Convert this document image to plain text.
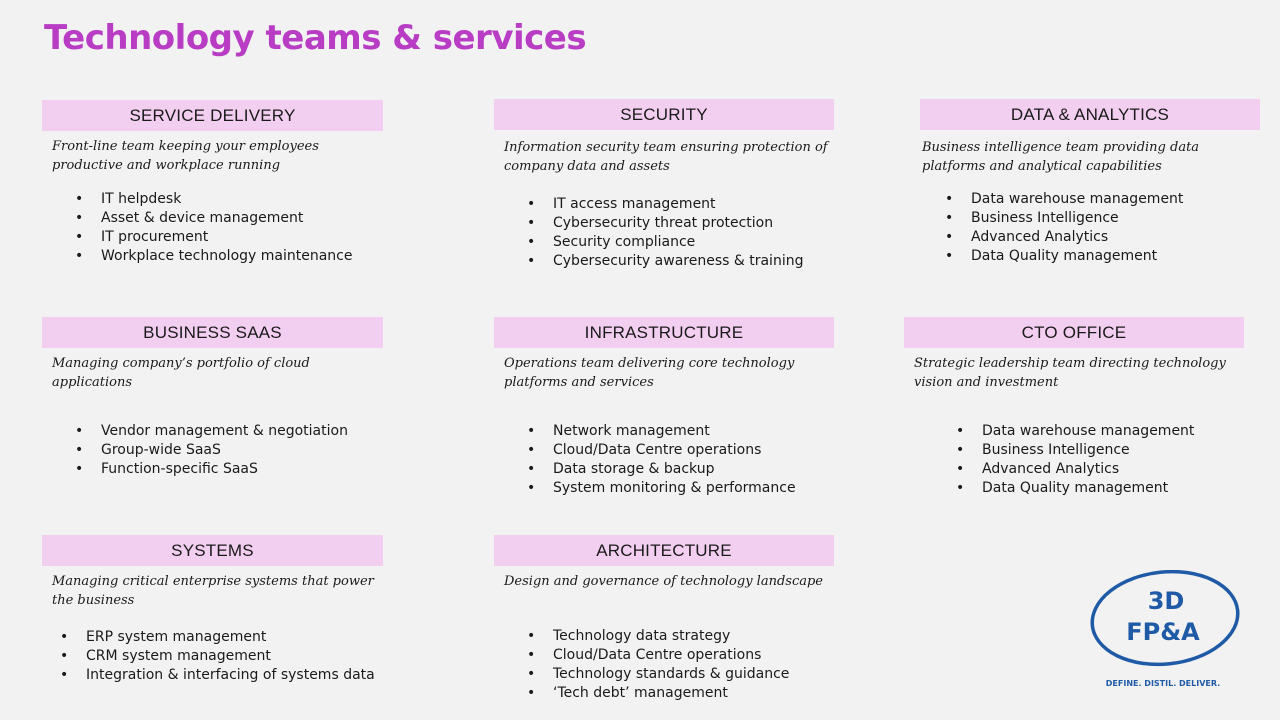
Technology teams & services
SERVICE DELIVERY
Front-line team keeping your employees productive and workplace running
• IT helpdesk
• Asset & device management
• IT procurement
• Workplace technology maintenance
SECURITY
Information security team ensuring protection of company data and assets
• IT access management
• Cybersecurity threat protection
• Security compliance
• Cybersecurity awareness & training
DATA & ANALYTICS
Business intelligence team providing data platforms and analytical capabilities
• Data warehouse management
• Business Intelligence
• Advanced Analytics
• Data Quality management
BUSINESS SAAS
Managing company’s portfolio of cloud applications
• Vendor management & negotiation
• Group-wide SaaS
• Function-specific SaaS
INFRASTRUCTURE
Operations team delivering core technology platforms and services
• Network management
• Cloud/Data Centre operations
• Data storage & backup
• System monitoring & performance
CTO OFFICE
Strategic leadership team directing technology vision and investment
• Data warehouse management
• Business Intelligence
• Advanced Analytics
• Data Quality management
SYSTEMS
Managing critical enterprise systems that power the business
• ERP system management
• CRM system management
• Integration & interfacing of systems data
ARCHITECTURE
Design and governance of technology landscape
• Technology data strategy
• Cloud/Data Centre operations
• Technology standards & guidance
• ‘Tech debt’ management
3D
FP&A
DEFINE. DISTIL. DELIVER.
